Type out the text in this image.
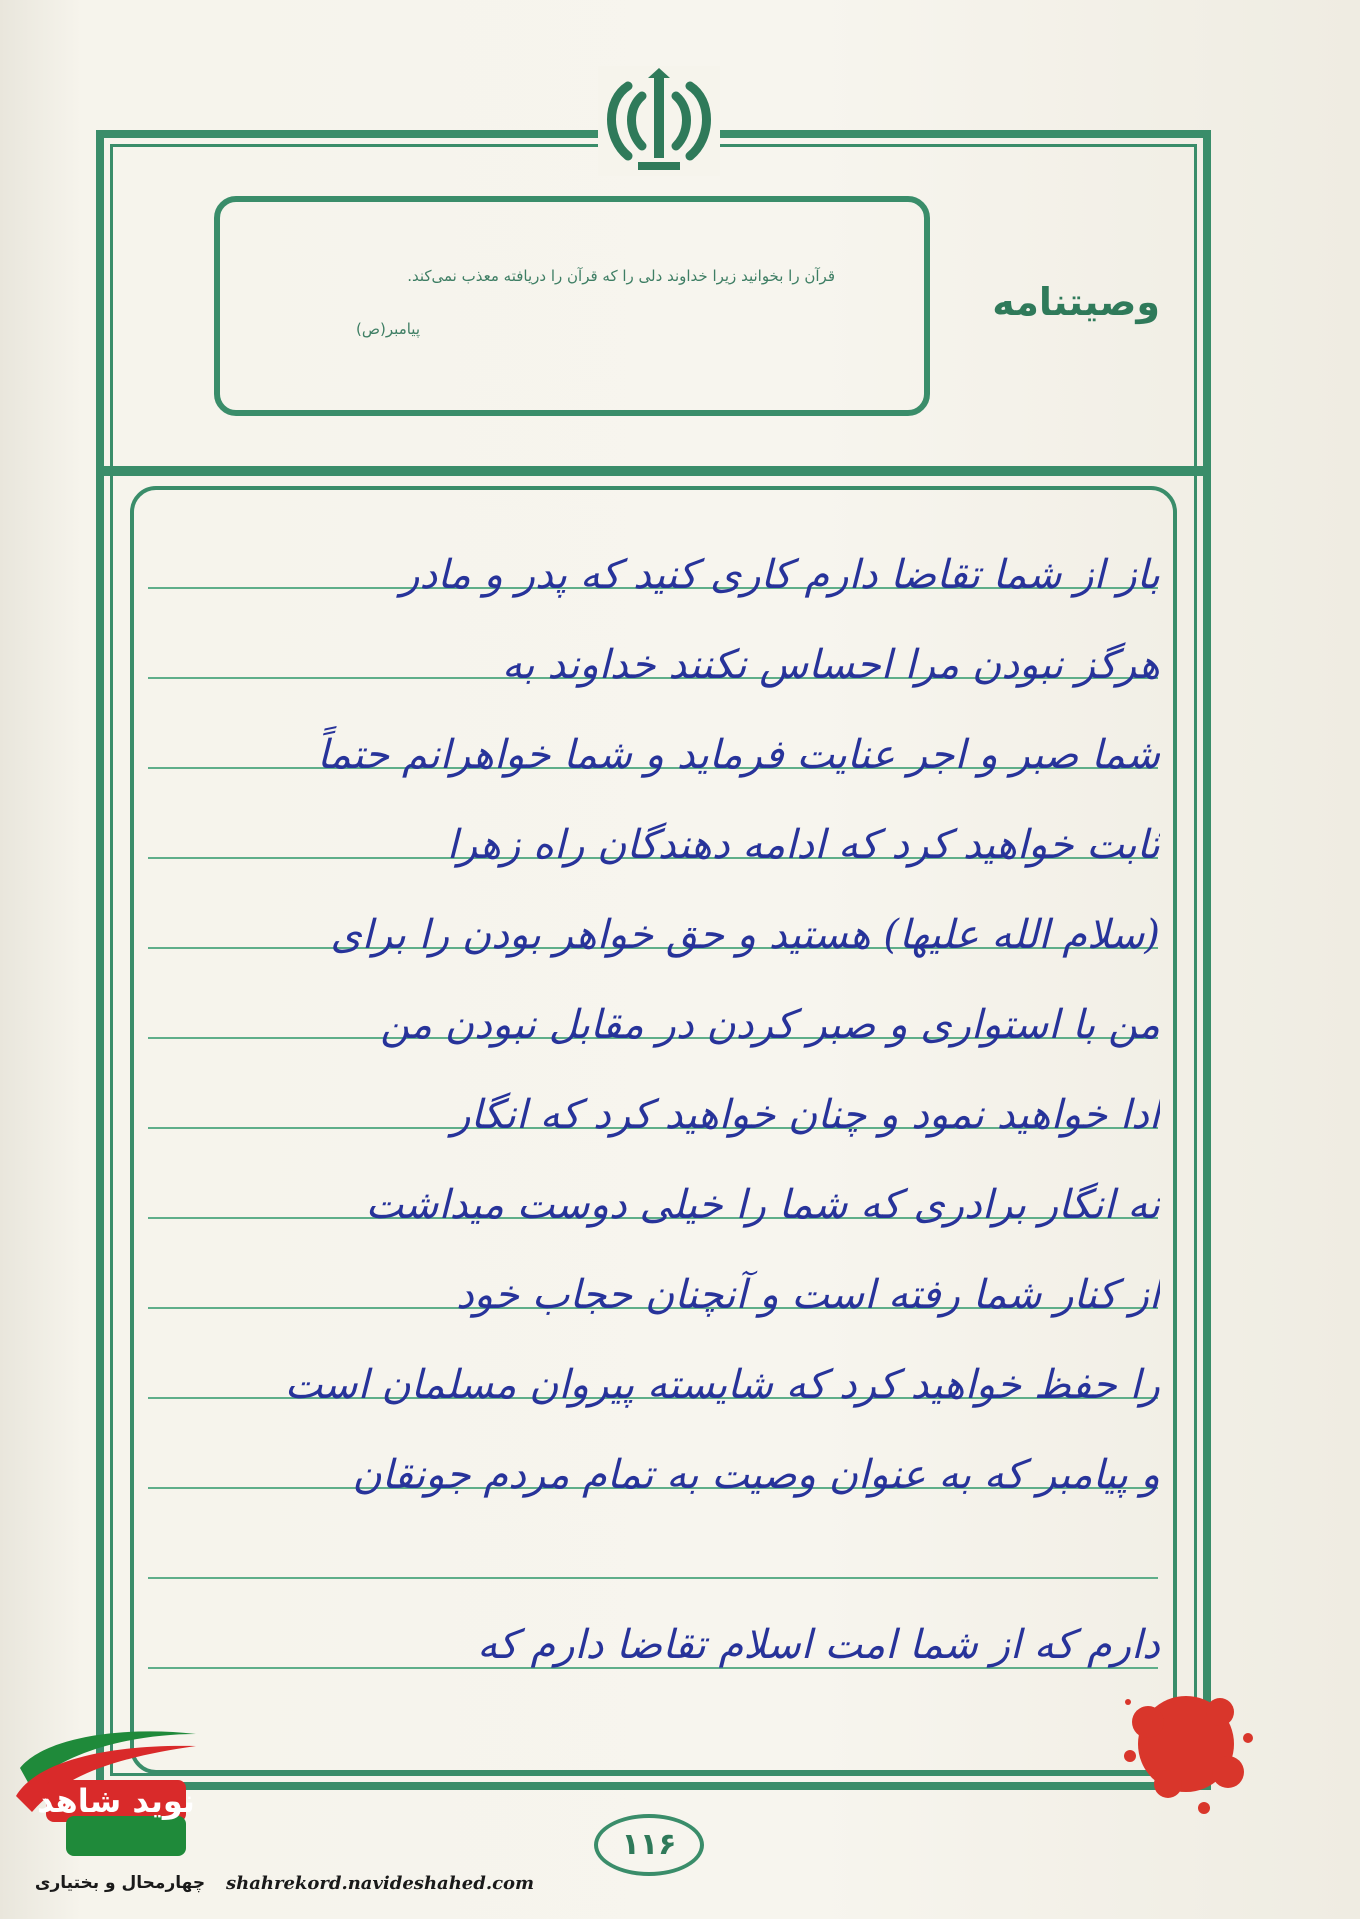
قرآن را بخوانید زیرا خداوند دلی را که قرآن را دریافته معذب نمی‌کند.
پیامبر(ص)
وصیتنامه
باز از شما تقاضا دارم کاری کنید که پدر و مادر
هرگز نبودن مرا احساس نکنند خداوند به
شما صبر و اجر عنایت فرماید و شما خواهرانم حتماً
ثابت خواهید کرد که ادامه دهندگان راه زهرا
(سلام الله علیها) هستید و حق خواهر بودن را برای
من با استواری و صبر کردن در مقابل نبودن من
ادا خواهید نمود و چنان خواهید کرد که انگار
نه انگار برادری که شما را خیلی دوست میداشت
از کنار شما رفته است و آنچنان حجاب خود
را حفظ خواهید کرد که شایسته پیروان مسلمان است
و پیامبر که به عنوان وصیت به تمام مردم جونقان
دارم که از شما امت اسلام تقاضا دارم که
۱۱۶
نوید شاهد
چهارمحال و بختیاری	shahrekord.navideshahed.com
